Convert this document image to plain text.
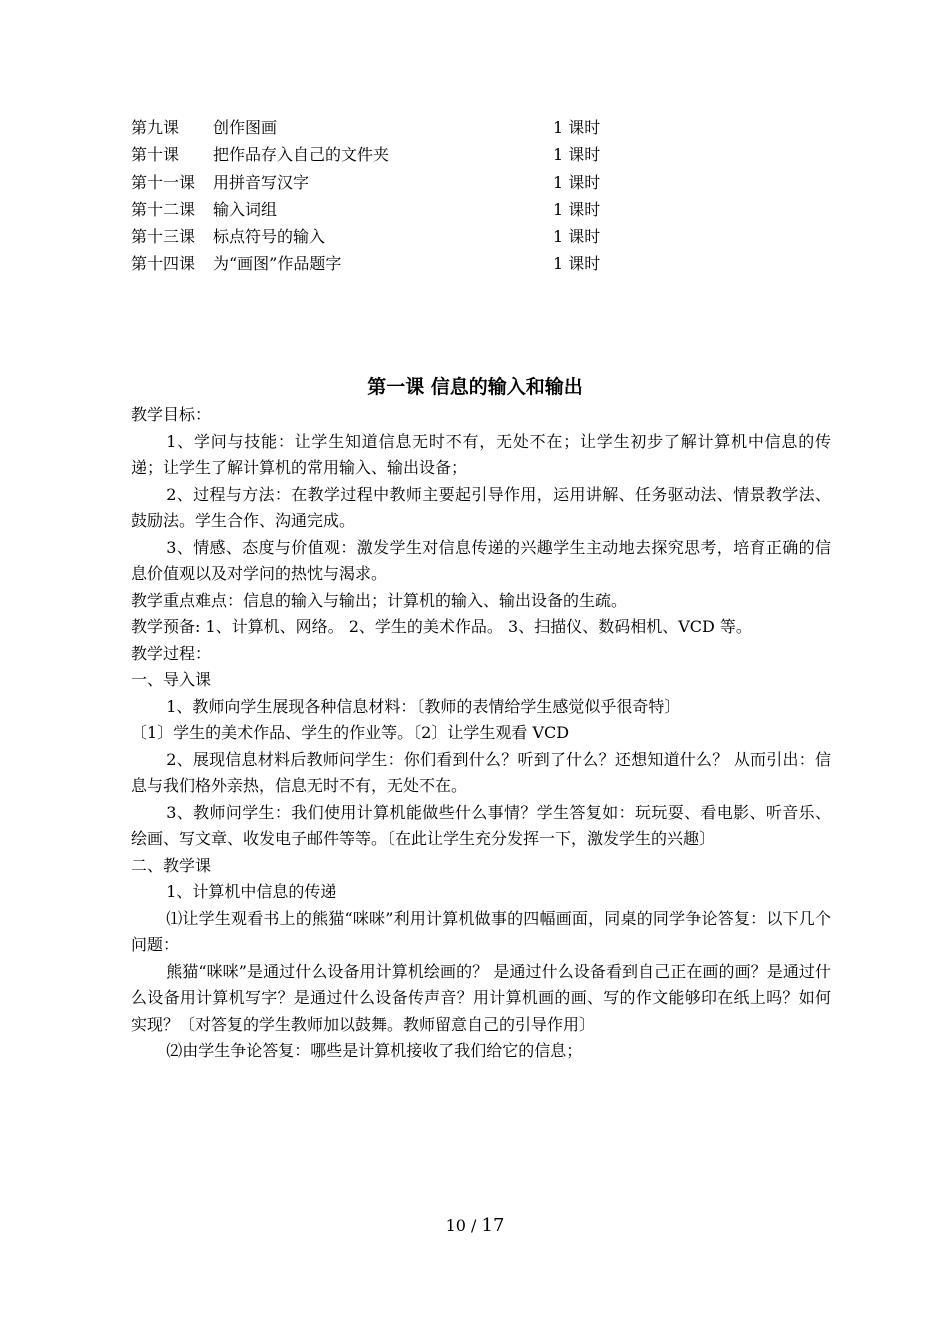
第九课 创作图画	1 课时
第十课 把作品存入自己的文件夹	1 课时
第十一课 用拼音写汉字	1 课时
第十二课 输入词组	1 课时
第十三课 标点符号的输入	1 课时
第十四课 为“画图”作品题字	1 课时
第一课 信息的输入和输出

教学目标：

1、学问与技能：让学生知道信息无时不有，无处不在；让学生初步了解计算机中信息的传递；让学生了解计算机的常用输入、输出设备；

2、过程与方法：在教学过程中教师主要起引导作用，运用讲解、任务驱动法、情景教学法、鼓励法。学生合作、沟通完成。

3、情感、态度与价值观：激发学生对信息传递的兴趣学生主动地去探究思考，培育正确的信息价值观以及对学问的热忱与渴求。

教学重点难点：信息的输入与输出；计算机的输入、输出设备的生疏。

教学预备: 1、计算机、网络。 2、学生的美术作品。 3、扫描仪、数码相机、VCD 等。

教学过程：

一、导入课

1、教师向学生展现各种信息材料：〔教师的表情给学生感觉似乎很奇特〕

〔1〕学生的美术作品、学生的作业等。〔2〕让学生观看 VCD

2、展现信息材料后教师问学生：你们看到什么？听到了什么？还想知道什么？ 从而引出：信息与我们格外亲热，信息无时不有，无处不在。

3、教师问学生：我们使用计算机能做些什么事情？学生答复如：玩玩耍、看电影、听音乐、绘画、写文章、收发电子邮件等等。〔在此让学生充分发挥一下，激发学生的兴趣〕

二、教学课

1、计算机中信息的传递

⑴让学生观看书上的熊猫“咪咪”利用计算机做事的四幅画面，同桌的同学争论答复：以下几个问题：

熊猫“咪咪”是通过什么设备用计算机绘画的？ 是通过什么设备看到自己正在画的画？是通过什么设备用计算机写字？是通过什么设备传声音？用计算机画的画、写的作文能够印在纸上吗？如何实现？〔对答复的学生教师加以鼓舞。教师留意自己的引导作用〕

⑵由学生争论答复：哪些是计算机接收了我们给它的信息；

10 / 17
